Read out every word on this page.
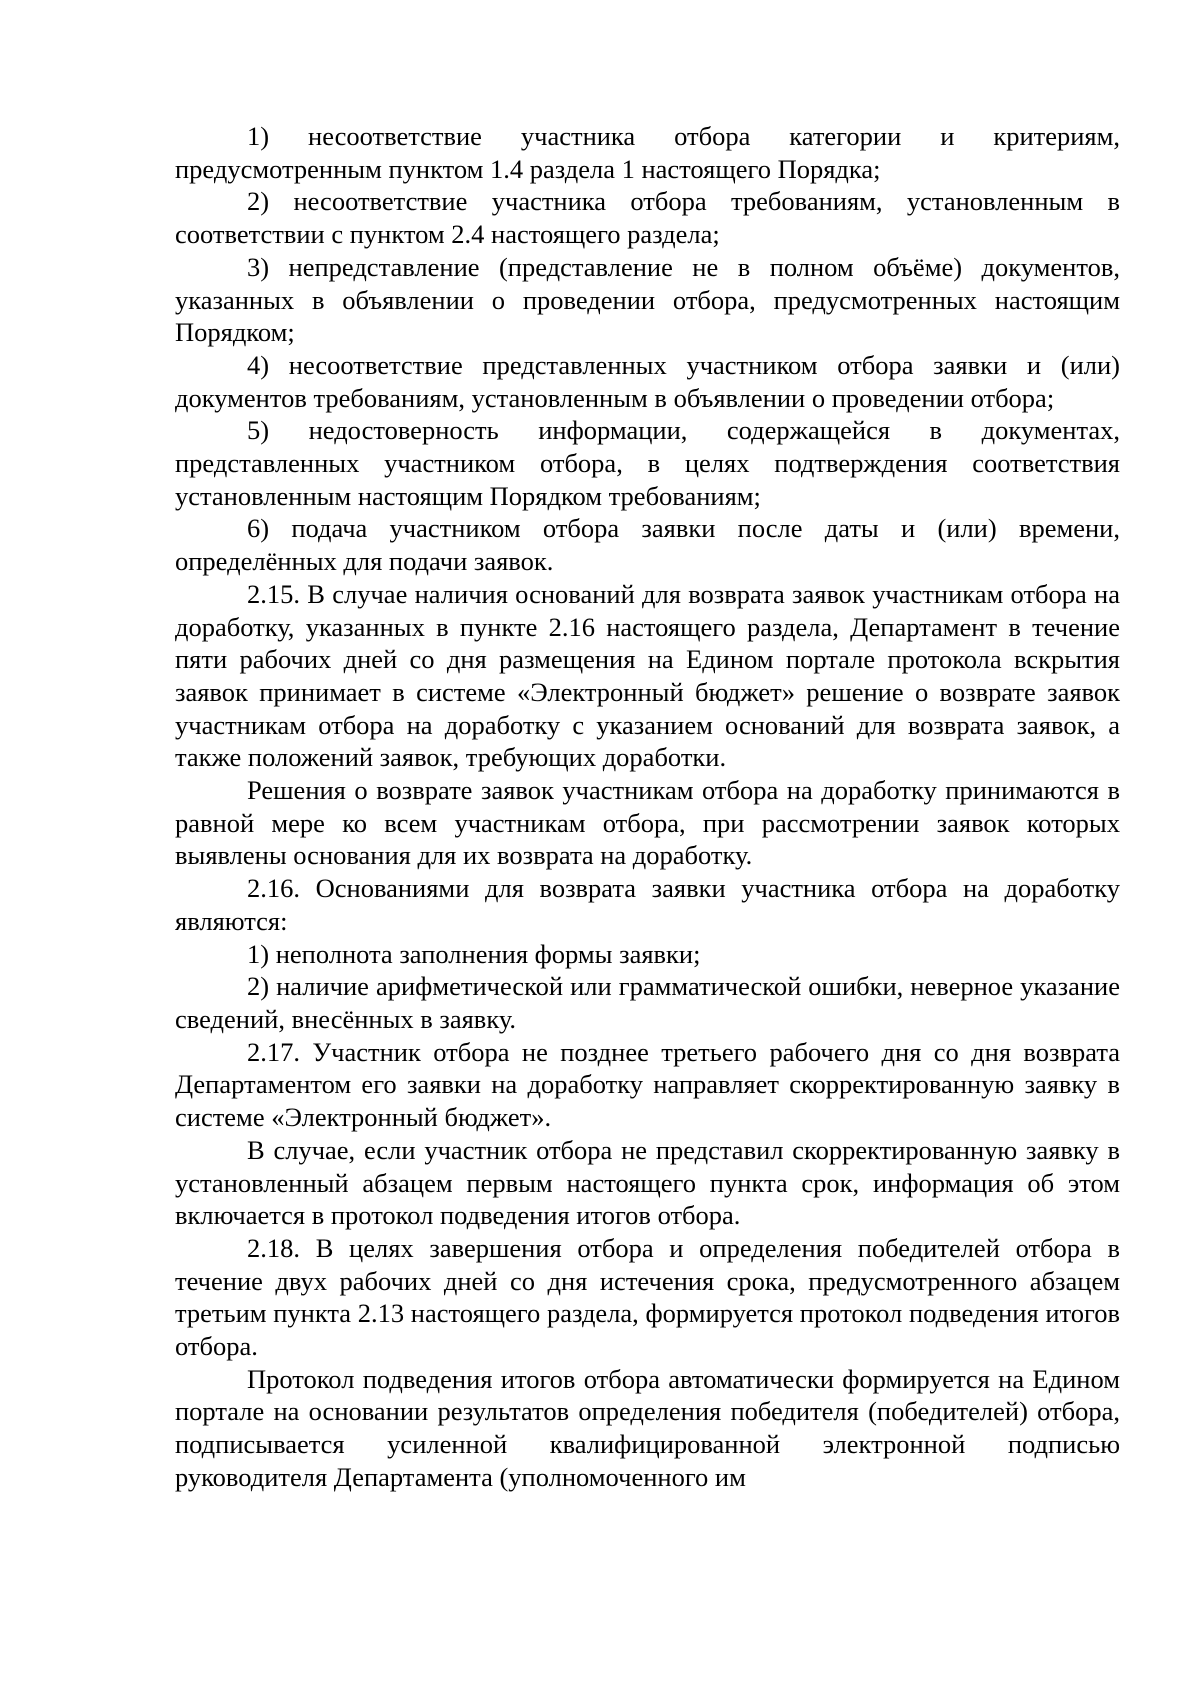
1) несоответствие участника отбора категории и критериям, предусмотренным пунктом 1.4 раздела 1 настоящего Порядка;

2) несоответствие участника отбора требованиям, установленным в соответствии с пунктом 2.4 настоящего раздела;

3) непредставление (представление не в полном объёме) документов, указанных в объявлении о проведении отбора, предусмотренных настоящим Порядком;

4) несоответствие представленных участником отбора заявки и (или) документов требованиям, установленным в объявлении о проведении отбора;

5) недостоверность информации, содержащейся в документах, представленных участником отбора, в целях подтверждения соответствия установленным настоящим Порядком требованиям;

6) подача участником отбора заявки после даты и (или) времени, определённых для подачи заявок.

2.15. В случае наличия оснований для возврата заявок участникам отбора на доработку, указанных в пункте 2.16 настоящего раздела, Департамент в течение пяти рабочих дней со дня размещения на Едином портале протокола вскрытия заявок принимает в системе «Электронный бюджет» решение о возврате заявок участникам отбора на доработку с указанием оснований для возврата заявок, а также положений заявок, требующих доработки.

Решения о возврате заявок участникам отбора на доработку принимаются в равной мере ко всем участникам отбора, при рассмотрении заявок которых выявлены основания для их возврата на доработку.

2.16. Основаниями для возврата заявки участника отбора на доработку являются:

1) неполнота заполнения формы заявки;

2) наличие арифметической или грамматической ошибки, неверное указание сведений, внесённых в заявку.

2.17. Участник отбора не позднее третьего рабочего дня со дня возврата Департаментом его заявки на доработку направляет скорректированную заявку в системе «Электронный бюджет».

В случае, если участник отбора не представил скорректированную заявку в установленный абзацем первым настоящего пункта срок, информация об этом включается в протокол подведения итогов отбора.

2.18. В целях завершения отбора и определения победителей отбора в течение двух рабочих дней со дня истечения срока, предусмотренного абзацем третьим пункта 2.13 настоящего раздела, формируется протокол подведения итогов отбора.

Протокол подведения итогов отбора автоматически формируется на Едином портале на основании результатов определения победителя (победителей) отбора, подписывается усиленной квалифицированной электронной подписью руководителя Департамента (уполномоченного им
